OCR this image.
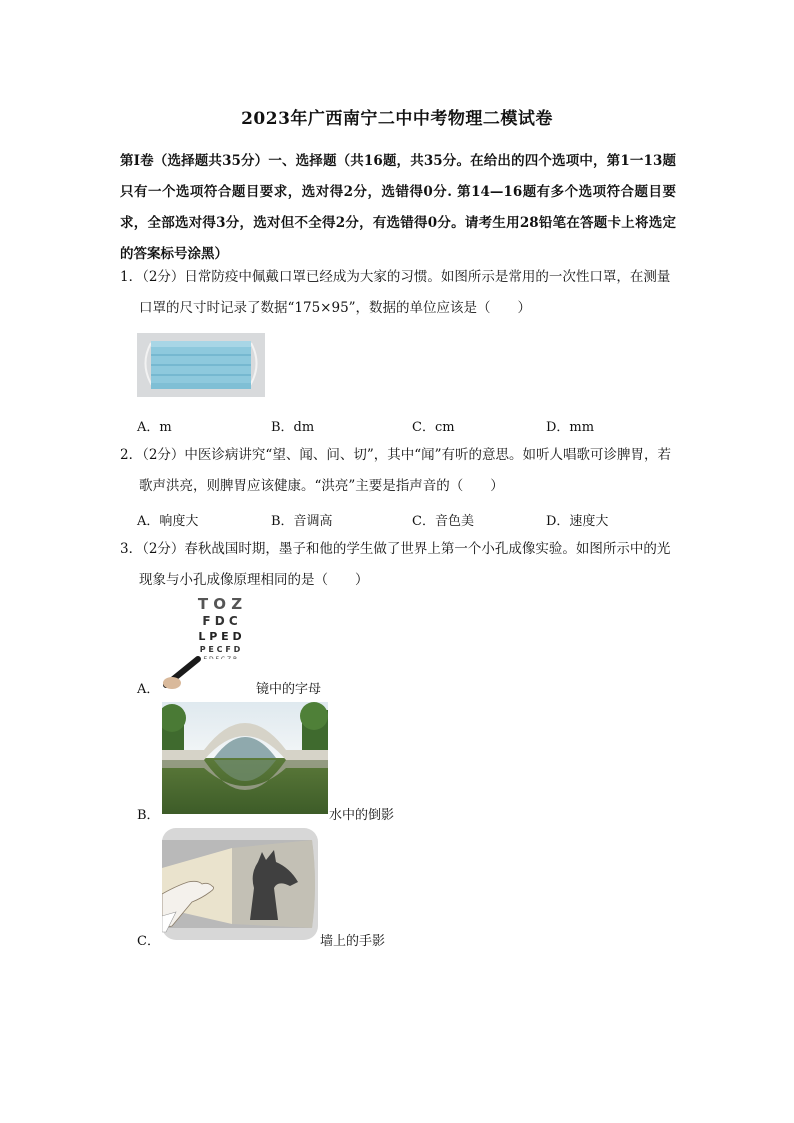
2023年广西南宁二中中考物理二模试卷
第Ⅰ卷（选择题共35分）一、选择题（共16题，共35分。在给出的四个选项中，第1一13题只有一个选项符合题目要求，选对得2分，选错得0分. 第14—16题有多个选项符合题目要求，全部选对得3分，选对但不全得2分，有选错得0分。请考生用28铅笔在答题卡上将选定的答案标号涂黑）
1．（2分）日常防疫中佩戴口罩已经成为大家的习惯。如图所示是常用的一次性口罩，在测量口罩的尺寸时记录了数据“175×95”，数据的单位应该是（　　）
A．m	B．dm	C．cm	D．mm
2．（2分）中医诊病讲究“望、闻、问、切”，其中“闻”有听的意思。如听人唱歌可诊脾胃，若歌声洪亮，则脾胃应该健康。“洪亮”主要是指声音的（　　）
A．响度大	B．音调高	C．音色美	D．速度大
3．（2分）春秋战国时期，墨子和他的学生做了世界上第一个小孔成像实验。如图所示中的光现象与小孔成像原理相同的是（　　）
T O Z
F D C
L P E D
P E C F D
A．	镜中的字母
B．	水中的倒影
C．	墙上的手影
